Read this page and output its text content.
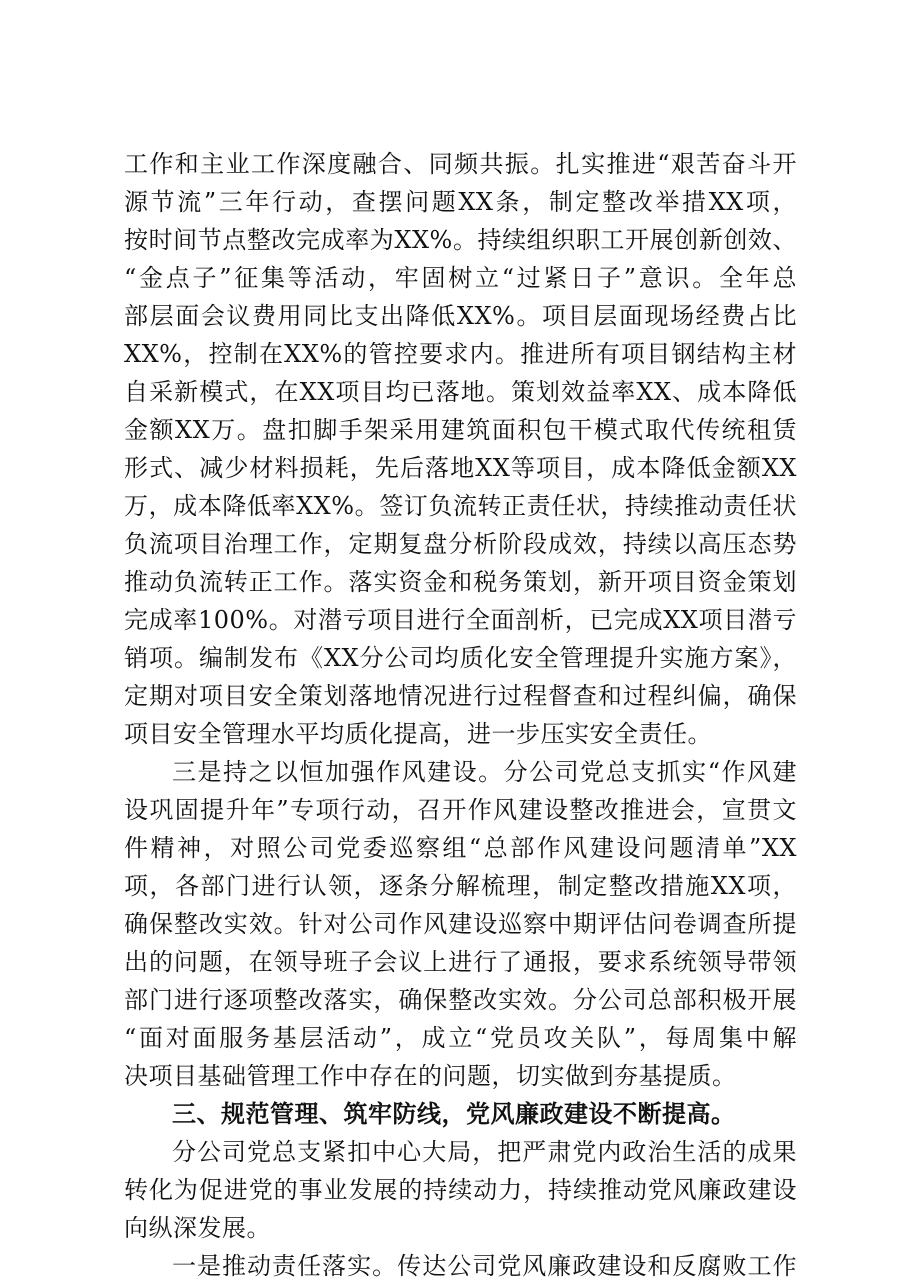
工作和主业工作深度融合、同频共振。扎实推进“艰苦奋斗开
源节流”三年行动，查摆问题XX条，制定整改举措XX项，
按时间节点整改完成率为XX%。持续组织职工开展创新创效、
“金点子”征集等活动，牢固树立“过紧日子”意识。全年总
部层面会议费用同比支出降低XX%。项目层面现场经费占比
XX%，控制在XX%的管控要求内。推进所有项目钢结构主材
自采新模式，在XX项目均已落地。策划效益率XX、成本降低
金额XX万。盘扣脚手架采用建筑面积包干模式取代传统租赁
形式、减少材料损耗，先后落地XX等项目，成本降低金额XX
万，成本降低率XX%。签订负流转正责任状，持续推动责任状
负流项目治理工作，定期复盘分析阶段成效，持续以高压态势
推动负流转正工作。落实资金和税务策划，新开项目资金策划
完成率100%。对潜亏项目进行全面剖析，已完成XX项目潜亏
销项。编制发布《XX分公司均质化安全管理提升实施方案》，
定期对项目安全策划落地情况进行过程督查和过程纠偏，确保
项目安全管理水平均质化提高，进一步压实安全责任。
三是持之以恒加强作风建设。分公司党总支抓实“作风建
设巩固提升年”专项行动，召开作风建设整改推进会，宣贯文
件精神，对照公司党委巡察组“总部作风建设问题清单”XX
项，各部门进行认领，逐条分解梳理，制定整改措施XX项，
确保整改实效。针对公司作风建设巡察中期评估问卷调查所提
出的问题，在领导班子会议上进行了通报，要求系统领导带领
部门进行逐项整改落实，确保整改实效。分公司总部积极开展
“面对面服务基层活动”，成立“党员攻关队”，每周集中解
决项目基础管理工作中存在的问题，切实做到夯基提质。
三、规范管理、筑牢防线，党风廉政建设不断提高。
分公司党总支紧扣中心大局，把严肃党内政治生活的成果
转化为促进党的事业发展的持续动力，持续推动党风廉政建设
向纵深发展。
一是推动责任落实。传达公司党风廉政建设和反腐败工作
